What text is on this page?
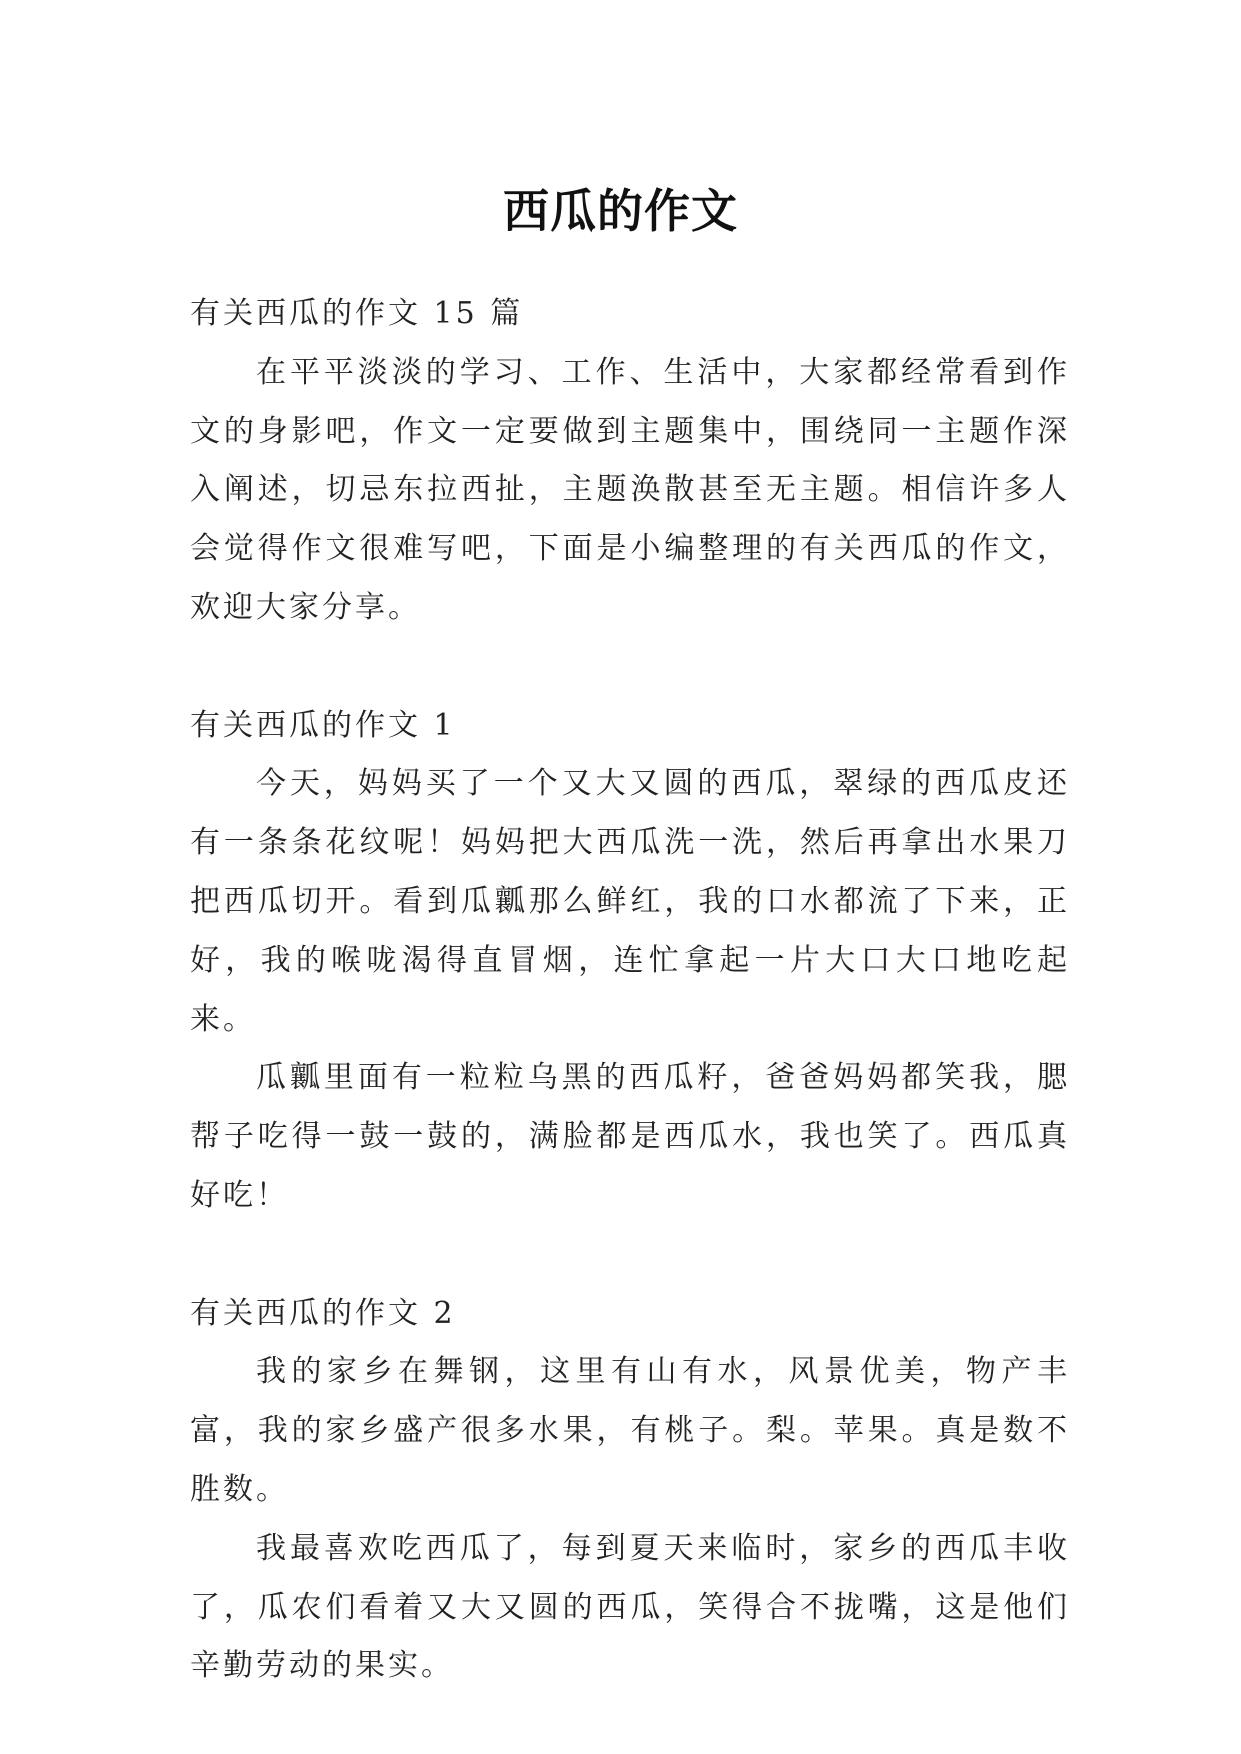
西瓜的作文

有关西瓜的作文 15 篇

在平平淡淡的学习、工作、生活中，大家都经常看到作文的身影吧，作文一定要做到主题集中，围绕同一主题作深入阐述，切忌东拉西扯，主题涣散甚至无主题。相信许多人会觉得作文很难写吧，下面是小编整理的有关西瓜的作文，欢迎大家分享。

有关西瓜的作文 1

今天，妈妈买了一个又大又圆的西瓜，翠绿的西瓜皮还有一条条花纹呢！妈妈把大西瓜洗一洗，然后再拿出水果刀把西瓜切开。看到瓜瓤那么鲜红，我的口水都流了下来，正好，我的喉咙渴得直冒烟，连忙拿起一片大口大口地吃起来。

瓜瓤里面有一粒粒乌黑的西瓜籽，爸爸妈妈都笑我，腮帮子吃得一鼓一鼓的，满脸都是西瓜水，我也笑了。西瓜真好吃！

有关西瓜的作文 2

我的家乡在舞钢，这里有山有水，风景优美，物产丰富，我的家乡盛产很多水果，有桃子。梨。苹果。真是数不胜数。

我最喜欢吃西瓜了，每到夏天来临时，家乡的西瓜丰收了，瓜农们看着又大又圆的西瓜，笑得合不拢嘴，这是他们辛勤劳动的果实。
